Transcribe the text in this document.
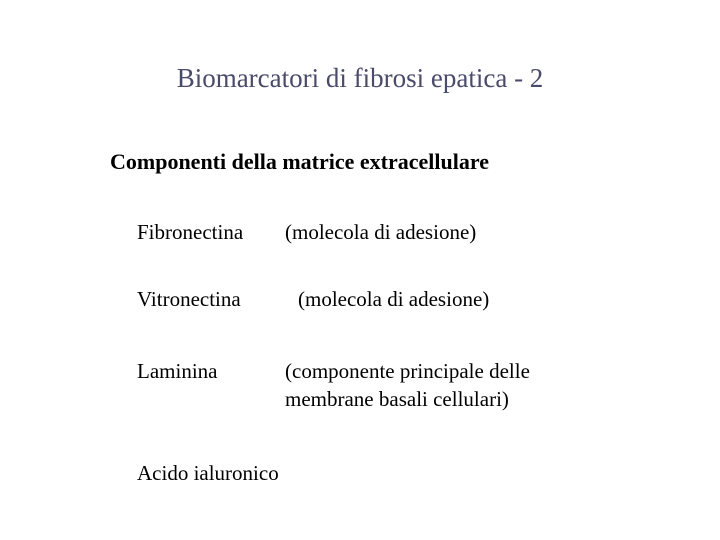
Biomarcatori di fibrosi epatica - 2
Componenti della matrice extracellulare
Fibronectina (molecola di adesione)
Vitronectina	(molecola di adesione)
Laminina	(componente principale delle
membrane basali cellulari)
Acido ialuronico
